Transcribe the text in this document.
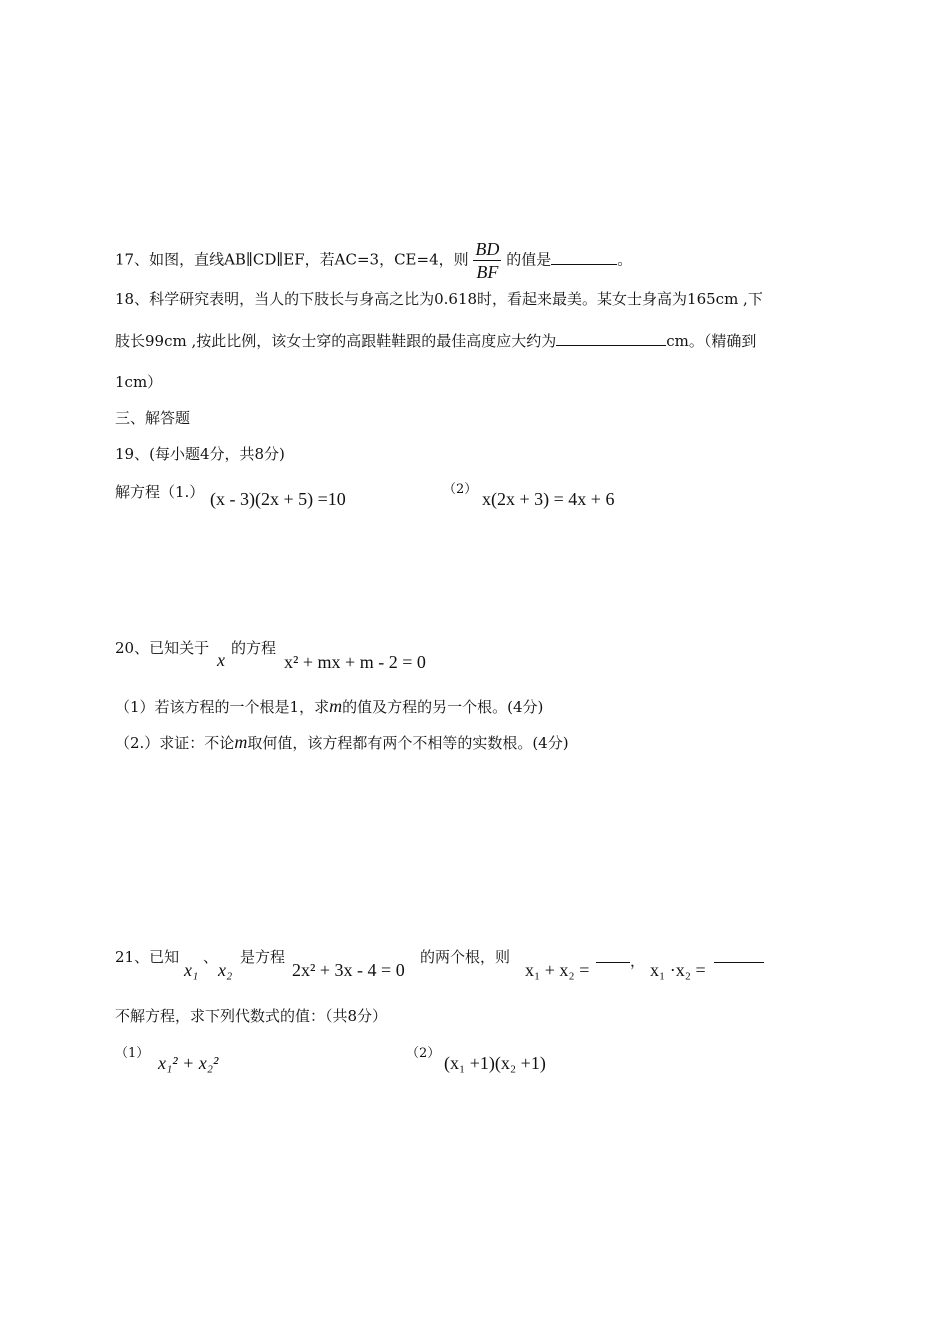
17、如图，直线AB∥CD∥EF，若AC=3，CE=4，则 $\frac{BD}{BF}$ 的值是	。
18、科学研究表明，当人的下肢长与身高之比为0.618时，看起来最美。某女士身高为165cm ,下
肢长99cm ,按此比例，该女士穿的高跟鞋鞋跟的最佳高度应大约为	cm。（精确到
1cm）
三、解答题
19、(每小题4分，共8分)
解方程（1.） (x - 3)(2x + 5) =10	（2） x(2x + 3) = 4x + 6
20、已知关于
x
的方程
x² + mx + m - 2 = 0
（1）若该方程的一个根是1，求m的值及方程的另一个根。(4分)
（2.）求证：不论m取何值，该方程都有两个不相等的实数根。(4分)
21、已知
x₁
、
x₂
是方程
2x² + 3x - 4 = 0
的两个根，则
x₁ + x₂ =	， x₁ ·x₂ =
不解方程，求下列代数式的值：（共8分）
（1） x₁² + x₂²	（2） (x₁ +1)(x₂ +1)
